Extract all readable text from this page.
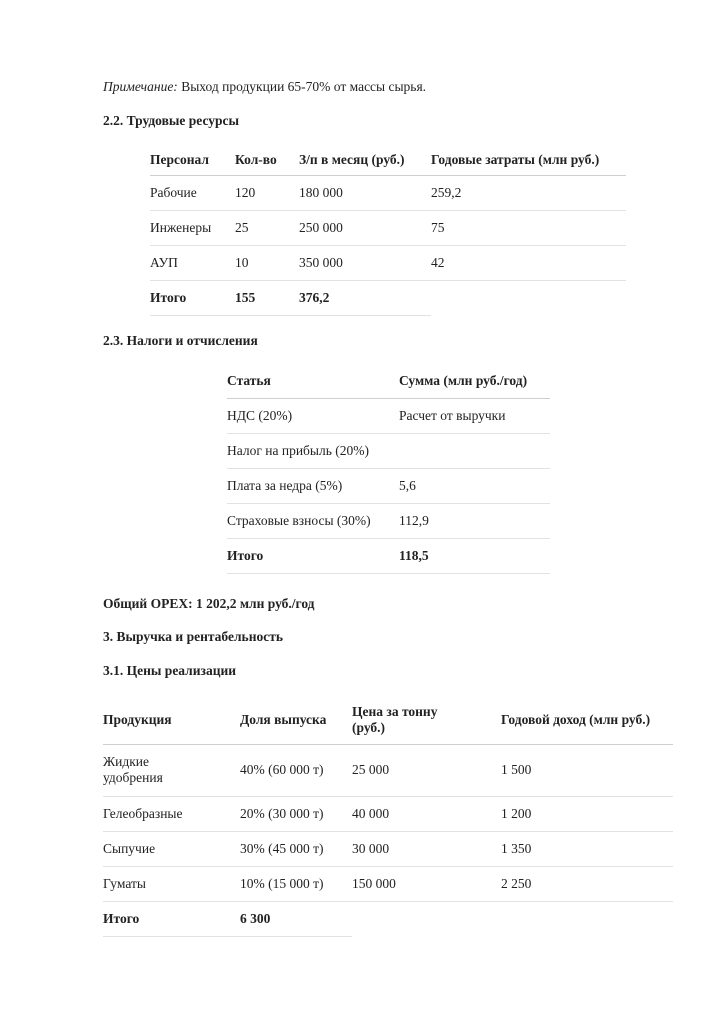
Примечание: Выход продукции 65-70% от массы сырья.
2.2. Трудовые ресурсы
Персонал	Кол-во	З/п в месяц (руб.)	Годовые затраты (млн руб.)
Рабочие	120	180 000	259,2
Инженеры	25	250 000	75
АУП	10	350 000	42
Итого	155	376,2	
2.3. Налоги и отчисления
Статья	Сумма (млн руб./год)
НДС (20%)	Расчет от выручки
Налог на прибыль (20%)	
Плата за недра (5%)	5,6
Страховые взносы (30%)	112,9
Итого	118,5
Общий OPEX: 1 202,2 млн руб./год
3. Выручка и рентабельность
3.1. Цены реализации
Продукция	Доля выпуска	Цена за тонну (руб.)	Годовой доход (млн руб.)
Жидкие удобрения	40% (60 000 т)	25 000	1 500
Гелеобразные	20% (30 000 т)	40 000	1 200
Сыпучие	30% (45 000 т)	30 000	1 350
Гуматы	10% (15 000 т)	150 000	2 250
Итого	6 300		
